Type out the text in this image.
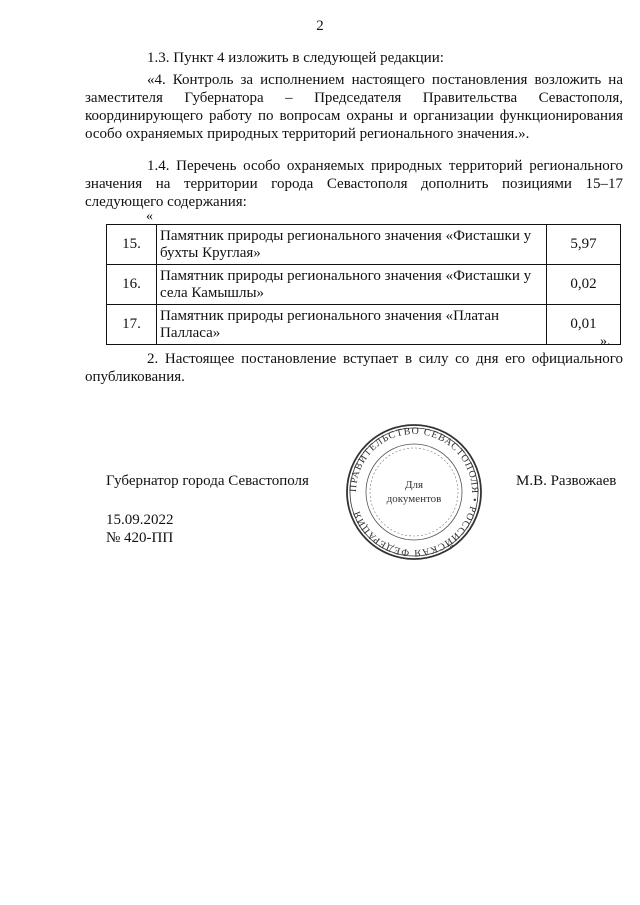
2

1.3. Пункт 4 изложить в следующей редакции:

«4. Контроль за исполнением настоящего постановления возложить на заместителя Губернатора – Председателя Правительства Севастополя, координирующего работу по вопросам охраны и организации функционирования особо охраняемых природных территорий регионального значения.».

1.4. Перечень особо охраняемых природных территорий регионального значения на территории города Севастополя дополнить позициями 15–17 следующего содержания:

«
15.	Памятник природы регионального значения «Фисташки у бухты Круглая»	5,97
16.	Памятник природы регионального значения «Фисташки у села Камышлы»	0,02
17.	Памятник природы регионального значения «Платан Палласа»	0,01
».

2. Настоящее постановление вступает в силу со дня его официального опубликования.

Губернатор города Севастополя	ПРАВИТЕЛЬСТВО СЕВАСТОПОЛЯ • РОССИЙСКАЯ ФЕДЕРАЦИЯ
Для
документов
М.В. Развожаев
15.09.2022
№ 420-ПП
